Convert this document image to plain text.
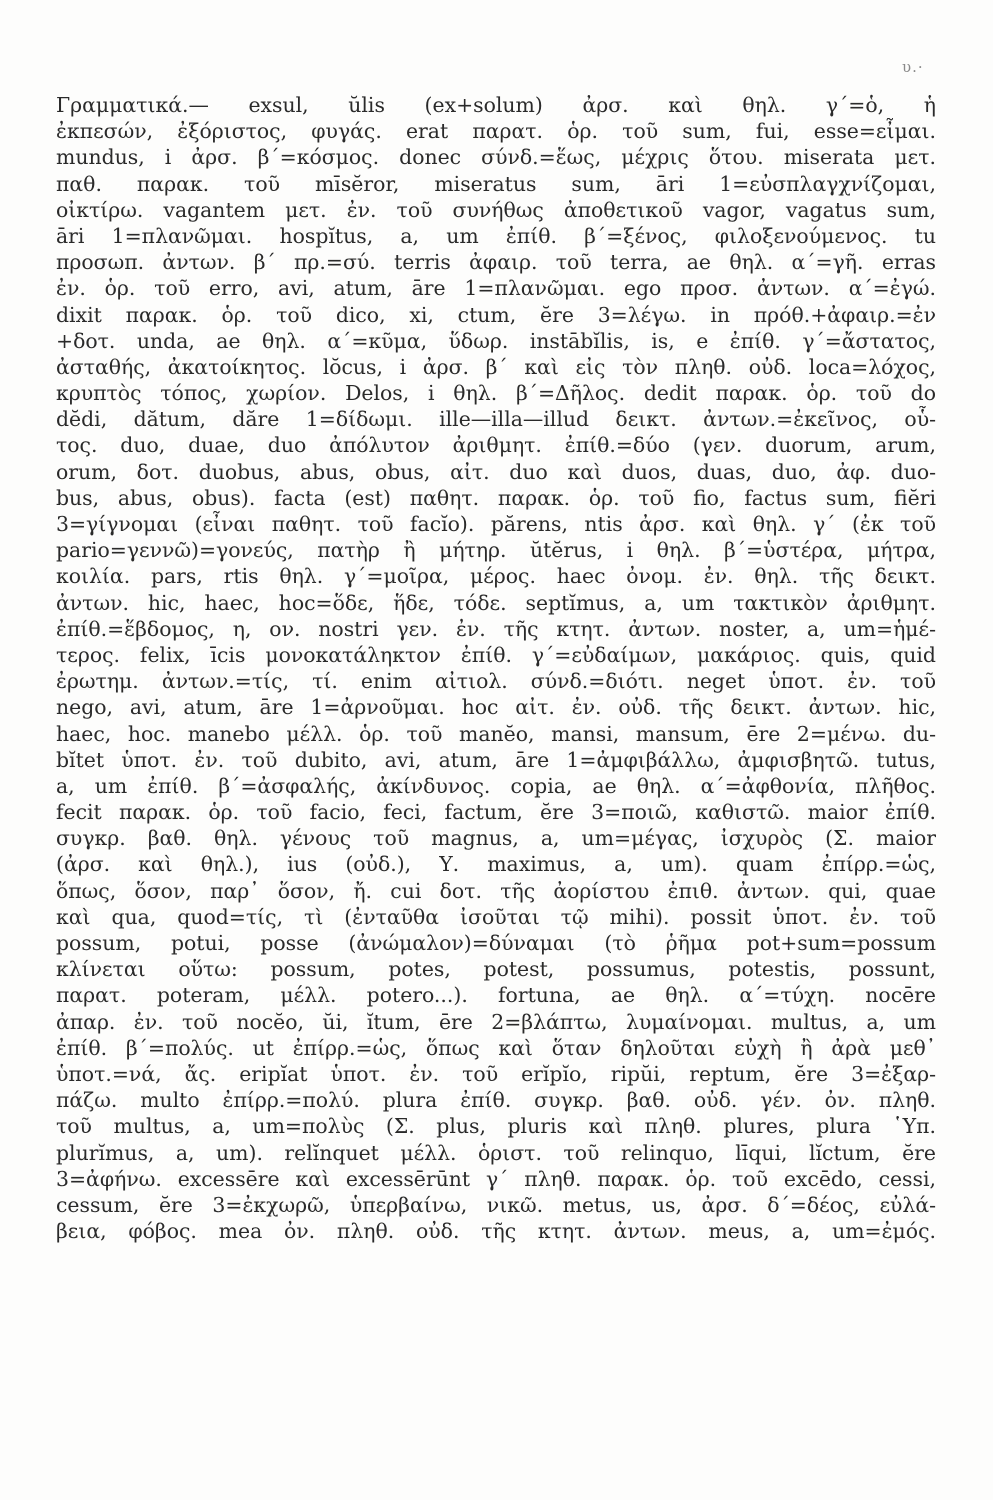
υ.·
Γραμματικά.— exsul, ŭlis (ex+solum) ἀρσ. καὶ θηλ. γ΄=ὁ, ἡ
ἐκπεσών, ἐξόριστος, φυγάς. erat παρατ. ὁρ. τοῦ sum, fui, esse=εἶμαι.
mundus, i ἀρσ. β΄=κόσμος. donec σύνδ.=ἕως, μέχρις ὅτου. miserata μετ.
παθ. παρακ. τοῦ mīsĕror, miseratus sum, āri 1=εὐσπλαγχνίζομαι,
οἰκτίρω. vagantem μετ. ἐν. τοῦ συνήθως ἀποθετικοῦ vagor, vagatus sum,
āri 1=πλανῶμαι. hospĭtus, a, um ἐπίθ. β΄=ξένος, φιλοξενούμενος. tu
προσωπ. ἀντων. β΄ πρ.=σύ. terris ἀφαιρ. τοῦ terra, ae θηλ. α΄=γῆ. erras
ἐν. ὁρ. τοῦ erro, avi, atum, āre 1=πλανῶμαι. ego προσ. ἀντων. α΄=ἐγώ.
dixit παρακ. ὁρ. τοῦ dico, xi, ctum, ĕre 3=λέγω. in πρόθ.+ἀφαιρ.=ἐν
+δοτ. unda, ae θηλ. α΄=κῦμα, ὕδωρ. instābĭlis, is, e ἐπίθ. γ΄=ἄστατος,
ἀσταθής, ἀκατοίκητος. lŏcus, i ἀρσ. β΄ καὶ εἰς τὸν πληθ. οὐδ. loca=λόχος,
κρυπτὸς τόπος, χωρίον. Delos, i θηλ. β΄=Δῆλος. dedit παρακ. ὁρ. τοῦ do
dĕdi, dătum, dăre 1=δίδωμι. ille—illa—illud δεικτ. ἀντων.=ἐκεῖνος, οὗ-
τος. duo, duae, duo ἀπόλυτον ἀριθμητ. ἐπίθ.=δύο (γεν. duorum, arum,
orum, δοτ. duobus, abus, obus, αἰτ. duo καὶ duos, duas, duo, ἀφ. duo-
bus, abus, obus). facta (est) παθητ. παρακ. ὁρ. τοῦ fio, factus sum, fiĕri
3=γίγνομαι (εἶναι παθητ. τοῦ facĭo). părens, ntis ἀρσ. καὶ θηλ. γ΄ (ἐκ τοῦ
pario=γεννῶ)=γονεύς, πατὴρ ἢ μήτηρ. ŭtĕrus, i θηλ. β΄=ὑστέρα, μήτρα,
κοιλία. pars, rtis θηλ. γ΄=μοῖρα, μέρος. haec ὀνομ. ἐν. θηλ. τῆς δεικτ.
ἀντων. hic, haec, hoc=ὅδε, ἥδε, τόδε. septĭmus, a, um τακτικὸν ἀριθμητ.
ἐπίθ.=ἕβδομος, η, ον. nostri γεν. ἐν. τῆς κτητ. ἀντων. noster, a, um=ἡμέ-
τερος. felix, īcis μονοκατάληκτον ἐπίθ. γ΄=εὐδαίμων, μακάριος. quis, quid
ἐρωτημ. ἀντων.=τίς, τί. enim αἰτιολ. σύνδ.=διότι. neget ὑποτ. ἐν. τοῦ
nego, avi, atum, āre 1=ἀρνοῦμαι. hoc αἰτ. ἐν. οὐδ. τῆς δεικτ. ἀντων. hic,
haec, hoc. manebo μέλλ. ὁρ. τοῦ manĕo, mansi, mansum, ēre 2=μένω. du-
bĭtet ὑποτ. ἐν. τοῦ dubito, avi, atum, āre 1=ἀμφιβάλλω, ἀμφισβητῶ. tutus,
a, um ἐπίθ. β΄=ἀσφαλής, ἀκίνδυνος. copia, ae θηλ. α΄=ἀφθονία, πλῆθος.
fecit παρακ. ὁρ. τοῦ facio, feci, factum, ĕre 3=ποιῶ, καθιστῶ. maior ἐπίθ.
συγκρ. βαθ. θηλ. γένους τοῦ magnus, a, um=μέγας, ἰσχυρὸς (Σ. maior
(ἀρσ. καὶ θηλ.), ius (οὐδ.), Υ. maximus, a, um). quam ἐπίρρ.=ὡς,
ὅπως, ὅσον, παρ᾽ ὅσον, ἤ. cui δοτ. τῆς ἀορίστου ἐπιθ. ἀντων. qui, quae
καὶ qua, quod=τίς, τὶ (ἐνταῦθα ἰσοῦται τῷ mihi). possit ὑποτ. ἐν. τοῦ
possum, potui, posse (ἀνώμαλον)=δύναμαι (τὸ ῥῆμα pot+sum=possum
κλίνεται οὕτω: possum, potes, potest, possumus, potestis, possunt,
παρατ. poteram, μέλλ. potero...). fortuna, ae θηλ. α΄=τύχη. nocēre
ἀπαρ. ἐν. τοῦ nocĕo, ŭi, ĭtum, ēre 2=βλάπτω, λυμαίνομαι. multus, a, um
ἐπίθ. β΄=πολύς. ut ἐπίρρ.=ὡς, ὅπως καὶ ὅταν δηλοῦται εὐχὴ ἢ ἀρὰ μεθ᾽
ὑποτ.=νά, ἄς. eripĭat ὑποτ. ἐν. τοῦ erĭpĭo, ripŭi, reptum, ĕre 3=ἐξαρ-
πάζω. multo ἐπίρρ.=πολύ. plura ἐπίθ. συγκρ. βαθ. οὐδ. γέν. ὀν. πληθ.
τοῦ multus, a, um=πολὺς (Σ. plus, pluris καὶ πληθ. plures, plura ῾Υπ.
plurĭmus, a, um). relĭnquet μέλλ. ὁριστ. τοῦ relinquo, līqui, lĭctum, ĕre
3=ἀφήνω. excessēre καὶ excessērūnt γ΄ πληθ. παρακ. ὁρ. τοῦ excēdo, cessi,
cessum, ĕre 3=ἐκχωρῶ, ὑπερβαίνω, νικῶ. metus, us, ἀρσ. δ΄=δέος, εὐλά-
βεια, φόβος. mea ὀν. πληθ. οὐδ. τῆς κτητ. ἀντων. meus, a, um=ἐμός.
